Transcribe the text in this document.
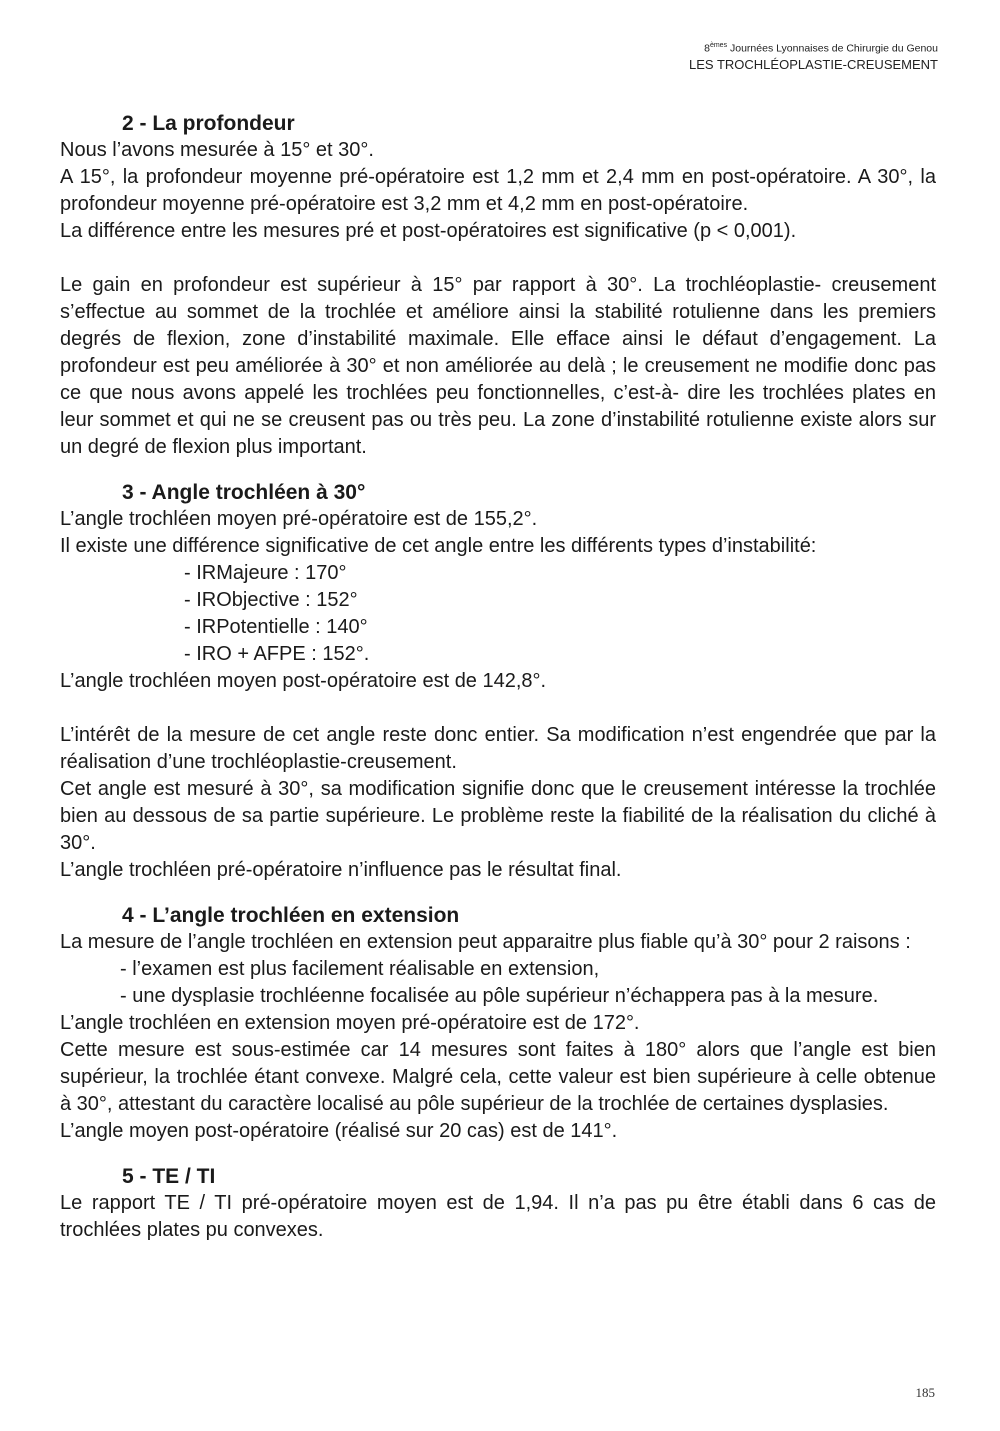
8èmes Journées Lyonnaises de Chirurgie du Genou
LES TROCHLÉOPLASTIE-CREUSEMENT
2 - La profondeur

Nous l’avons mesurée à 15° et 30°.

A 15°, la profondeur moyenne pré-opératoire est 1,2 mm et 2,4 mm en post-opératoire. A 30°, la profondeur moyenne pré-opératoire est 3,2 mm et 4,2 mm en post-opératoire.

La différence entre les mesures pré et post-opératoires est significative (p < 0,001).

Le gain en profondeur est supérieur à 15° par rapport à 30°. La trochléoplastie- creusement s’effectue au sommet de la trochlée et améliore ainsi la stabilité rotulienne dans les premiers degrés de flexion, zone d’instabilité maximale. Elle efface ainsi le défaut d’engagement. La profondeur est peu améliorée à 30° et non améliorée au delà ; le creusement ne modifie donc pas ce que nous avons appelé les trochlées peu fonctionnelles, c’est-à- dire les trochlées plates en leur sommet et qui ne se creusent pas ou très peu. La zone d’instabilité rotulienne existe alors sur un degré de flexion plus important.

3 - Angle trochléen à 30°

L’angle trochléen moyen pré-opératoire est de 155,2°.

Il existe une différence significative de cet angle entre les différents types d’instabilité:

- IRMajeure : 170°

- IRObjective : 152°

- IRPotentielle : 140°

- IRO + AFPE : 152°.

L’angle trochléen moyen post-opératoire est de 142,8°.

L’intérêt de la mesure de cet angle reste donc entier. Sa modification n’est engendrée que par la réalisation d’une trochléoplastie-creusement.

Cet angle est mesuré à 30°, sa modification signifie donc que le creusement intéresse la trochlée bien au dessous de sa partie supérieure. Le problème reste la fiabilité de la réalisation du cliché à 30°.

L’angle trochléen pré-opératoire n’influence pas le résultat final.

4 - L’angle trochléen en extension

La mesure de l’angle trochléen en extension peut apparaitre plus fiable qu’à 30° pour 2 raisons :

- l’examen est plus facilement réalisable en extension,

- une dysplasie trochléenne focalisée au pôle supérieur n’échappera pas à la mesure.

L’angle trochléen en extension moyen pré-opératoire est de 172°.

Cette mesure est sous-estimée car 14 mesures sont faites à 180° alors que l’angle est bien supérieur, la trochlée étant convexe. Malgré cela, cette valeur est bien supérieure à celle obtenue à 30°, attestant du caractère localisé au pôle supérieur de la trochlée de certaines dysplasies.

L’angle moyen post-opératoire (réalisé sur 20 cas) est de 141°.

5 - TE / TI

Le rapport TE / TI pré-opératoire moyen est de 1,94. Il n’a pas pu être établi dans 6 cas de trochlées plates pu convexes.

185
